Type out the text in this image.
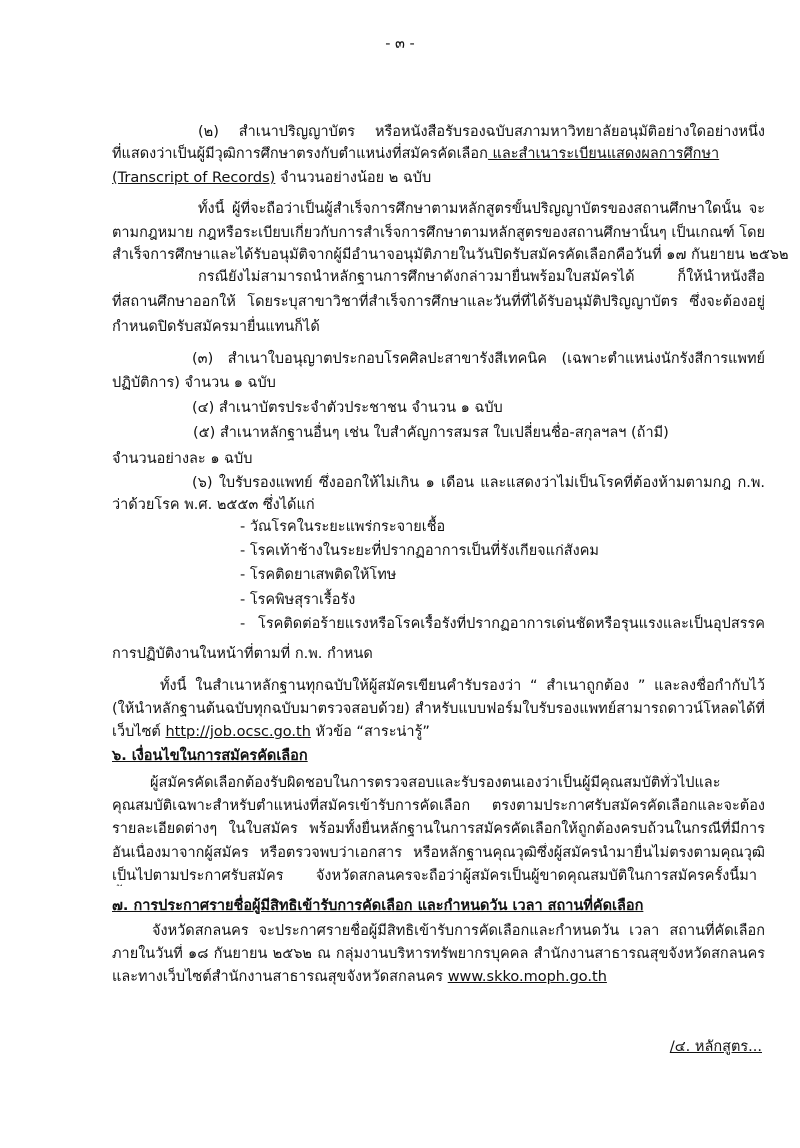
- ๓ -
(๒) สำเนาปริญญาบัตร หรือหนังสือรับรองฉบับสภามหาวิทยาลัยอนุมัติอย่างใดอย่างหนึ่ง
ที่แสดงว่าเป็นผู้มีวุฒิการศึกษาตรงกับตำแหน่งที่สมัครคัดเลือก และสำเนาระเบียนแสดงผลการศึกษา
(Transcript of Records) จำนวนอย่างน้อย ๒ ฉบับ
ทั้งนี้ ผู้ที่จะถือว่าเป็นผู้สำเร็จการศึกษาตามหลักสูตรขั้นปริญญาบัตรของสถานศึกษาใดนั้น จะ
ตามกฎหมาย กฎหรือระเบียบเกี่ยวกับการสำเร็จการศึกษาตามหลักสูตรของสถานศึกษานั้นๆ เป็นเกณฑ์ โดย
สำเร็จการศึกษาและได้รับอนุมัติจากผู้มีอำนาจอนุมัติภายในวันปิดรับสมัครคัดเลือกคือวันที่ ๑๗ กันยายน ๒๕๖๒
กรณียังไม่สามารถนำหลักฐานการศึกษาดังกล่าวมายื่นพร้อมใบสมัครได้ ก็ให้นำหนังสือ
ที่สถานศึกษาออกให้ โดยระบุสาขาวิชาที่สำเร็จการศึกษาและวันที่ที่ได้รับอนุมัติปริญญาบัตร ซึ่งจะต้องอยู่
กำหนดปิดรับสมัครมายื่นแทนก็ได้
(๓) สำเนาใบอนุญาตประกอบโรคศิลปะสาขารังสีเทคนิค (เฉพาะตำแหน่งนักรังสีการแพทย์
ปฏิบัติการ) จำนวน ๑ ฉบับ
(๔) สำเนาบัตรประจำตัวประชาชน จำนวน ๑ ฉบับ
(๕) สำเนาหลักฐานอื่นๆ เช่น ใบสำคัญการสมรส ใบเปลี่ยนชื่อ-สกุลฯลฯ (ถ้ามี)
จำนวนอย่างละ ๑ ฉบับ
(๖) ใบรับรองแพทย์ ซึ่งออกให้ไม่เกิน ๑ เดือน และแสดงว่าไม่เป็นโรคที่ต้องห้ามตามกฎ ก.พ.
ว่าด้วยโรค พ.ศ. ๒๕๕๓ ซึ่งได้แก่
- วัณโรคในระยะแพร่กระจายเชื้อ
- โรคเท้าช้างในระยะที่ปรากฏอาการเป็นที่รังเกียจแก่สังคม
- โรคติดยาเสพติดให้โทษ
- โรคพิษสุราเรื้อรัง
- โรคติดต่อร้ายแรงหรือโรคเรื้อรังที่ปรากฏอาการเด่นชัดหรือรุนแรงและเป็นอุปสรรค
การปฏิบัติงานในหน้าที่ตามที่ ก.พ. กำหนด
ทั้งนี้ ในสำเนาหลักฐานทุกฉบับให้ผู้สมัครเขียนคำรับรองว่า “ สำเนาถูกต้อง ” และลงชื่อกำกับไว้
(ให้นำหลักฐานต้นฉบับทุกฉบับมาตรวจสอบด้วย) สำหรับแบบฟอร์มใบรับรองแพทย์สามารถดาวน์โหลดได้ที่
เว็บไซต์ http://job.ocsc.go.th หัวข้อ “สาระน่ารู้”
๖. เงื่อนไขในการสมัครคัดเลือก
ผู้สมัครคัดเลือกต้องรับผิดชอบในการตรวจสอบและรับรองตนเองว่าเป็นผู้มีคุณสมบัติทั่วไปและ
คุณสมบัติเฉพาะสำหรับตำแหน่งที่สมัครเข้ารับการคัดเลือก ตรงตามประกาศรับสมัครคัดเลือกและจะต้อง
รายละเอียดต่างๆ ในใบสมัคร พร้อมทั้งยื่นหลักฐานในการสมัครคัดเลือกให้ถูกต้องครบถ้วนในกรณีที่มีการ
อันเนื่องมาจากผู้สมัคร หรือตรวจพบว่าเอกสาร หรือหลักฐานคุณวุฒิซึ่งผู้สมัครนำมายื่นไม่ตรงตามคุณวุฒิ
เป็นไปตามประกาศรับสมัคร จังหวัดสกลนครจะถือว่าผู้สมัครเป็นผู้ขาดคุณสมบัติในการสมัครครั้งนี้มา
๗. การประกาศรายชื่อผู้มีสิทธิเข้ารับการคัดเลือก และกำหนดวัน เวลา สถานที่คัดเลือก
จังหวัดสกลนคร จะประกาศรายชื่อผู้มีสิทธิเข้ารับการคัดเลือกและกำหนดวัน เวลา สถานที่คัดเลือก
ภายในวันที่ ๑๘ กันยายน ๒๕๖๒ ณ กลุ่มงานบริหารทรัพยากรบุคคล สำนักงานสาธารณสุขจังหวัดสกลนคร
และทางเว็บไซต์สำนักงานสาธารณสุขจังหวัดสกลนคร www.skko.moph.go.th
/๔. หลักสูตร...
